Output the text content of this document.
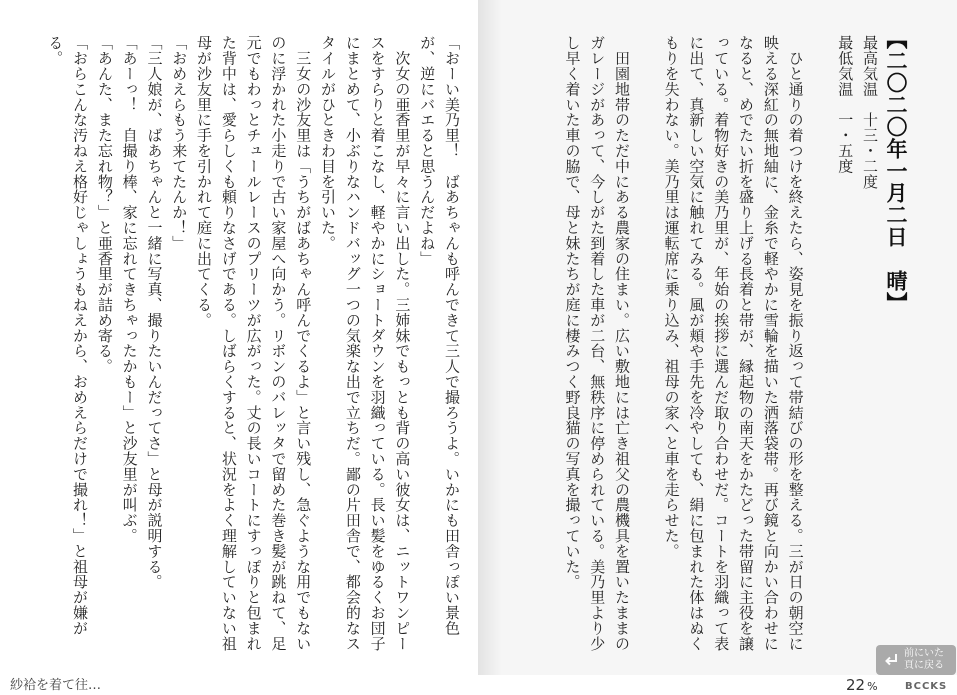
「おーい美乃里！　ばあちゃんも呼んできて三人で撮ろうよ。いかにも田舎っぽい景色が、逆にバエると思うんだよね」
　次女の亜香里が早々に言い出した。三姉妹でもっとも背の高い彼女は、ニットワンピースをすらりと着こなし、軽やかにショートダウンを羽織っている。長い髪をゆるくお団子にまとめて、小ぶりなハンドバッグ一つの気楽な出で立ちだ。鄙の片田舎で、都会的なスタイルがひときわ目を引いた。
　三女の沙友里は「うちがばあちゃん呼んでくるよ」と言い残し、急ぐような用でもないのに浮かれた小走りで古い家屋へ向かう。リボンのバレッタで留めた巻き髪が跳ねて、足元でもわっとチュールレースのプリーツが広がった。丈の長いコートにすっぽりと包まれた背中は、愛らしくも頼りなさげである。しばらくすると、状況をよく理解していない祖母が沙友里に手を引かれて庭に出てくる。
「おめえらもう来てたんか！」
「三人娘が、ばあちゃんと一緒に写真、撮りたいんだってさ」と母が説明する。
「あーっ！　自撮り棒、家に忘れてきちゃったかもー」と沙友里が叫ぶ。
「あんた、また忘れ物？」と亜香里が詰め寄る。
「おらこんな汚ねえ格好じゃしょうもねえから、おめえらだけで撮れ！」と祖母が嫌がる。	【二〇二〇年一月二日　晴】
最高気温　十三・二度
最低気温　一・五度

　ひと通りの着つけを終えたら、姿見を振り返って帯結びの形を整える。三が日の朝空に映える深紅の無地紬に、金糸で軽やかに雪輪を描いた洒落袋帯。再び鏡と向かい合わせになると、めでたい折を盛り上げる長着と帯が、縁起物の南天をかたどった帯留に主役を譲っている。着物好きの美乃里が、年始の挨拶に選んだ取り合わせだ。コートを羽織って表に出て、真新しい空気に触れてみる。風が頬や手先を冷やしても、絹に包まれた体はぬくもりを失わない。美乃里は運転席に乗り込み、祖母の家へと車を走らせた。

　田園地帯のただ中にある農家の住まい。広い敷地には亡き祖父の農機具を置いたままのガレージがあって、今しがた到着した車が二台、無秩序に停められている。美乃里より少し早く着いた車の脇で、母と妹たちが庭に棲みつく野良猫の写真を撮っていた。
紗袷を着て往…	22 %	BCCKS
前にいた
頁に戻る
